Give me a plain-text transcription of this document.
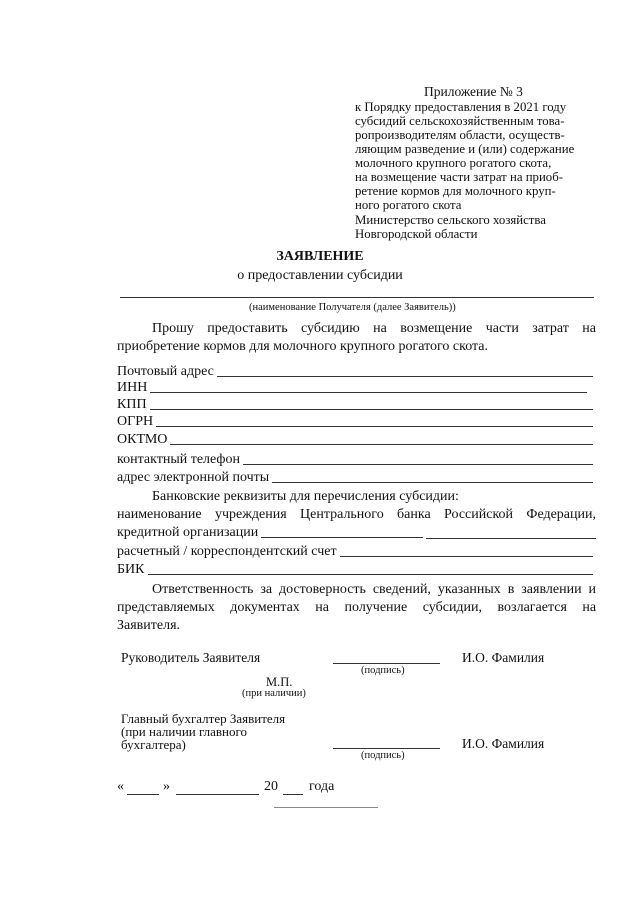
Приложение № 3
к Порядку предоставления в 2021 году
субсидий сельскохозяйственным това-
ропроизводителям области, осуществ-
ляющим разведение и (или) содержание
молочного крупного рогатого скота,
на возмещение части затрат на приоб-
ретение кормов для молочного круп-
ного рогатого скота
Министерство сельского хозяйства
Новгородской области
ЗАЯВЛЕНИЕ
о предоставлении субсидии
(наименование Получателя (далее Заявитель))
Прошу предоставить субсидию на возмещение части затрат на
приобретение кормов для молочного крупного рогатого скота.
Почтовый адрес
ИНН
КПП
ОГРН
ОКТМО
контактный телефон
адрес электронной почты
Банковские реквизиты для перечисления субсидии:
наименование учреждения Центрального банка Российской Федерации,
кредитной организации
расчетный / корреспондентский счет
БИК
Ответственность за достоверность сведений, указанных в заявлении и
представляемых документах на получение субсидии, возлагается на
Заявителя.
Руководитель Заявителя
(подпись)
И.О. Фамилия
М.П.
(при наличии)
Главный бухгалтер Заявителя
(при наличии главного
бухгалтера)
(подпись)
И.О. Фамилия
«	»	20 года
